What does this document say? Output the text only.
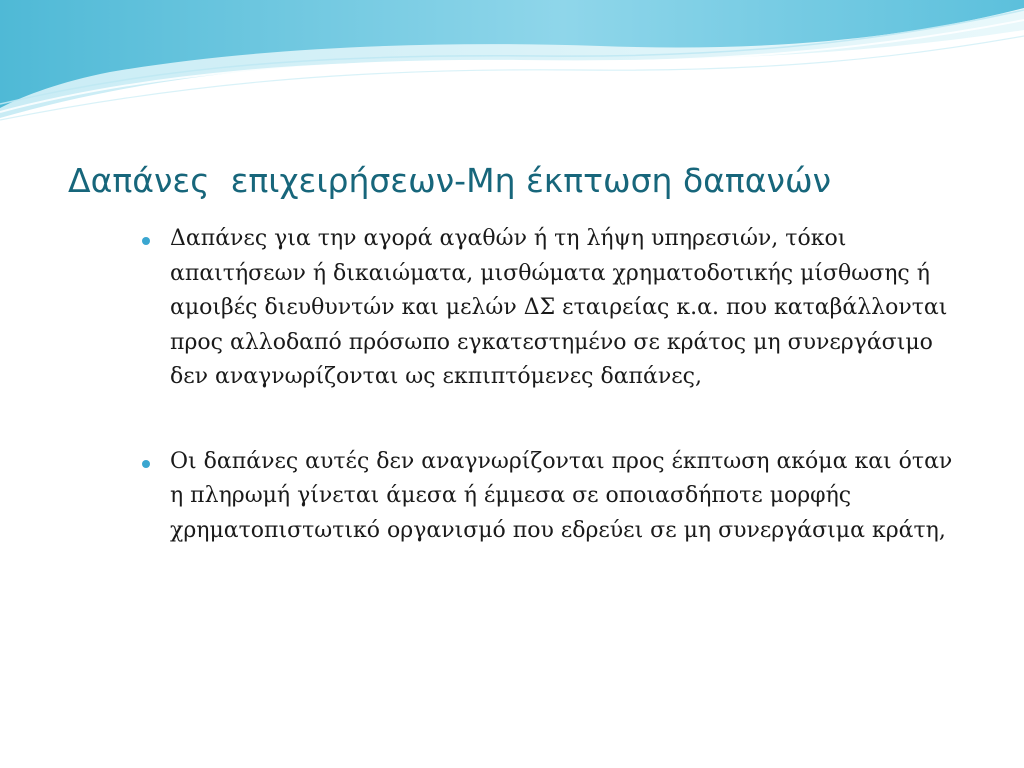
Δαπάνες  επιχειρήσεων-Μη έκπτωση δαπανών
Δαπάνες για την αγορά αγαθών ή τη λήψη υπηρεσιών, τόκοι απαιτήσεων ή δικαιώματα, μισθώματα χρηματοδοτικής μίσθωσης ή αμοιβές διευθυντών και μελών ΔΣ εταιρείας κ.α. που καταβάλλονται προς αλλοδαπό πρόσωπο εγκατεστημένο σε κράτος μη συνεργάσιμο δεν αναγνωρίζονται ως εκπιπτόμενες δαπάνες,
Οι δαπάνες αυτές δεν αναγνωρίζονται προς έκπτωση ακόμα και όταν η πληρωμή γίνεται άμεσα ή έμμεσα σε οποιασδήποτε μορφής χρηματοπιστωτικό οργανισμό που εδρεύει σε μη συνεργάσιμα κράτη,
